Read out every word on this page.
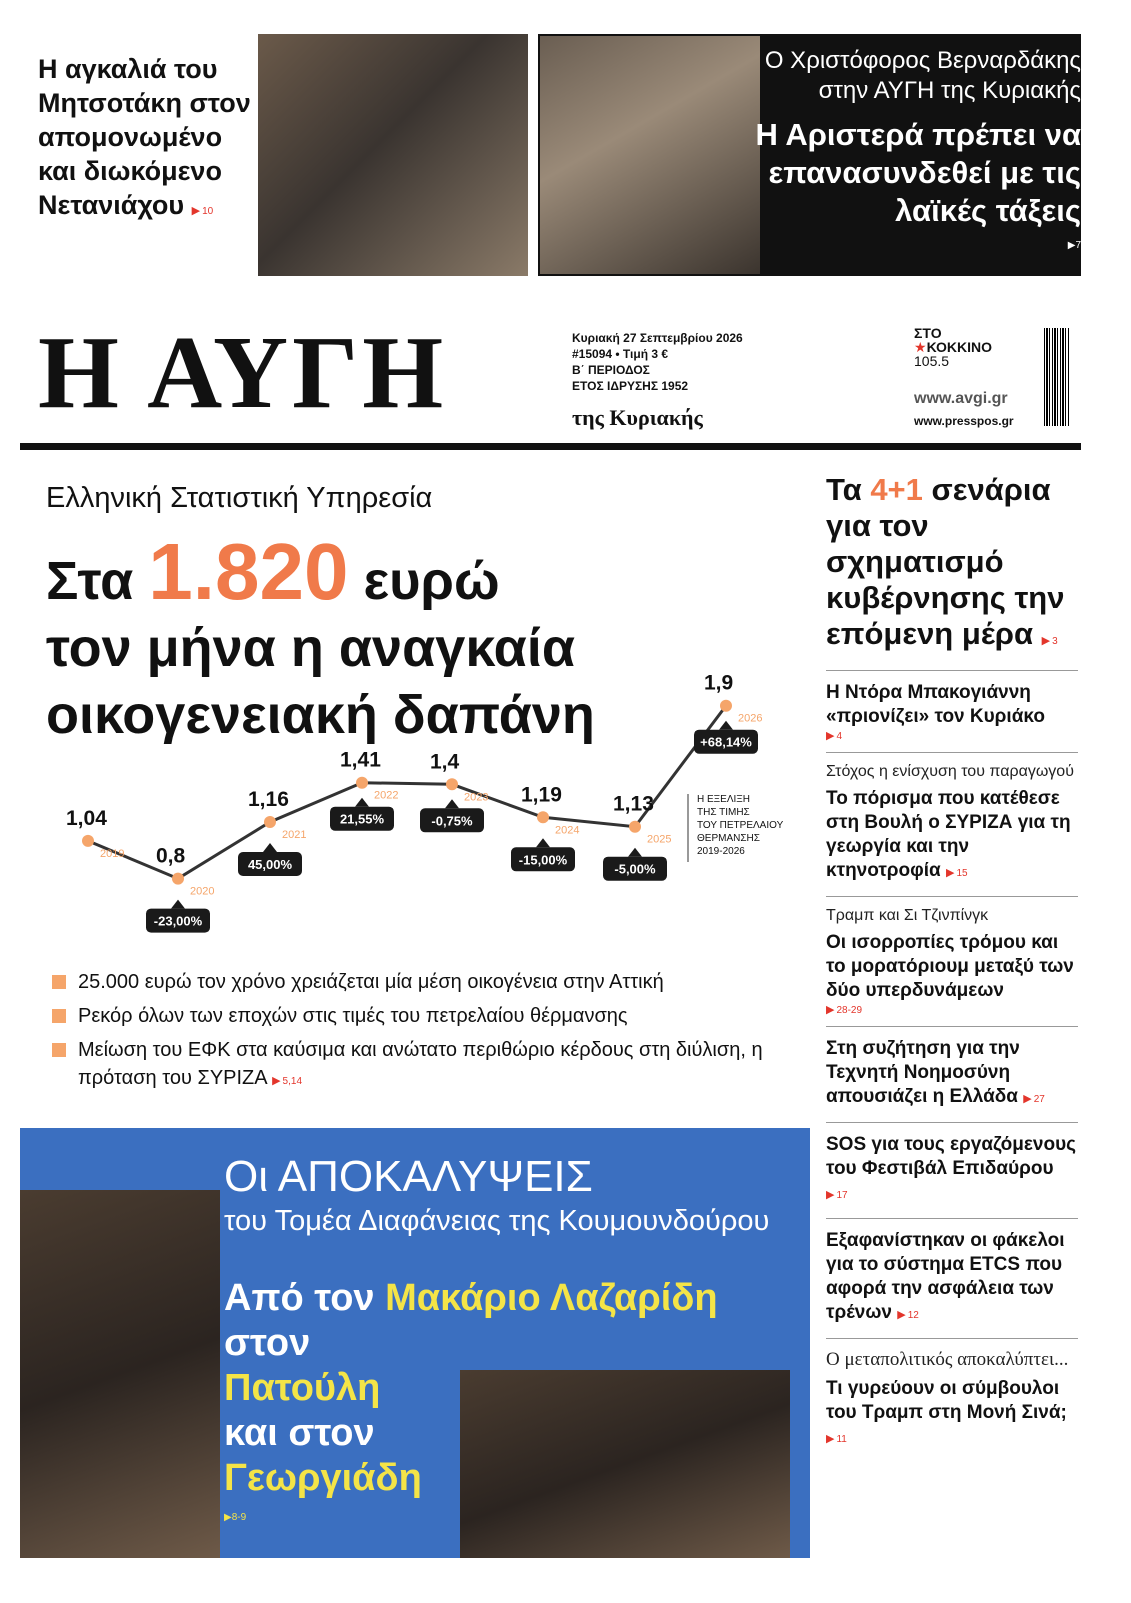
Η αγκαλιά του Μητσοτάκη στον απομονωμένο και διωκόμενο Νετανιάχου ▶ 10
Ο Χριστόφορος Βερναρδάκης στην ΑΥΓΗ της Κυριακής
Η Αριστερά πρέπει να επανασυνδεθεί με τις λαϊκές τάξεις
▶7
Η ΑΥΓΗ	Κυριακή 27 Σεπτεμβρίου 2026
#15094 • Τιμή 3 €
Β΄ ΠΕΡΙΟΔΟΣ
ΕΤΟΣ ΙΔΡΥΣΗΣ 1952
της Κυριακής
ΣΤΟ
★ΚΟΚΚΙΝΟ
105.5
www.avgi.gr
www.presspos.gr
Ελληνική Στατιστική Υπηρεσία
Στα 1.820 ευρώ
τον μήνα η αναγκαία
οικογενειακή δαπάνη
1,04
2019 0,8
2020
-23,00%
1,16
2021
45,00%
1,41
2022
21,55%
1,4
2023
-0,75%
1,19
2024
-15,00%
1,13
2025
-5,00%
1,9
2026
+68,14%
Η ΕΞΕΛΙΞΗ ΤΗΣ ΤΙΜΗΣ ΤΟΥ ΠΕΤΡΕΛΑΙΟΥ ΘΕΡΜΑΝΣΗΣ 2019-2026
25.000 ευρώ τον χρόνο χρειάζεται μία μέση οικογένεια στην Αττική
Ρεκόρ όλων των εποχών στις τιμές του πετρελαίου θέρμανσης
Μείωση του ΕΦΚ στα καύσιμα και ανώτατο περιθώριο κέρδους στη διύλιση, η πρόταση του ΣΥΡΙΖΑ ▶ 5,14
Οι ΑΠΟΚΑΛΥΨΕΙΣ
του Τομέα Διαφάνειας της Κουμουνδούρου
Από τον Μακάριο Λαζαρίδη
στον
Πατούλη
και στον
Γεωργιάδη
▶8-9
Τα 4+1 σενάρια για τον σχηματισμό κυβέρνησης την επόμενη μέρα ▶ 3
Η Ντόρα Μπακογιάννη «πριονίζει» τον Κυριάκο
▶ 4
Στόχος η ενίσχυση του παραγωγού
Το πόρισμα που κατέθεσε στη Βουλή ο ΣΥΡΙΖΑ για τη γεωργία και την κτηνοτροφία ▶ 15
Τραμπ και Σι Τζινπίνγκ
Οι ισορροπίες τρόμου και το μορατόριουμ μεταξύ των δύο υπερδυνάμεων
▶ 28-29
Στη συζήτηση για την Τεχνητή Νοημοσύνη απουσιάζει η Ελλάδα ▶ 27
SOS για τους εργαζόμενους του Φεστιβάλ Επιδαύρου ▶ 17
Εξαφανίστηκαν οι φάκελοι για το σύστημα ETCS που αφορά την ασφάλεια των τρένων ▶ 12
Ο μεταπολιτικός αποκαλύπτει...
Τι γυρεύουν οι σύμβουλοι του Τραμπ στη Μονή Σινά; ▶ 11
